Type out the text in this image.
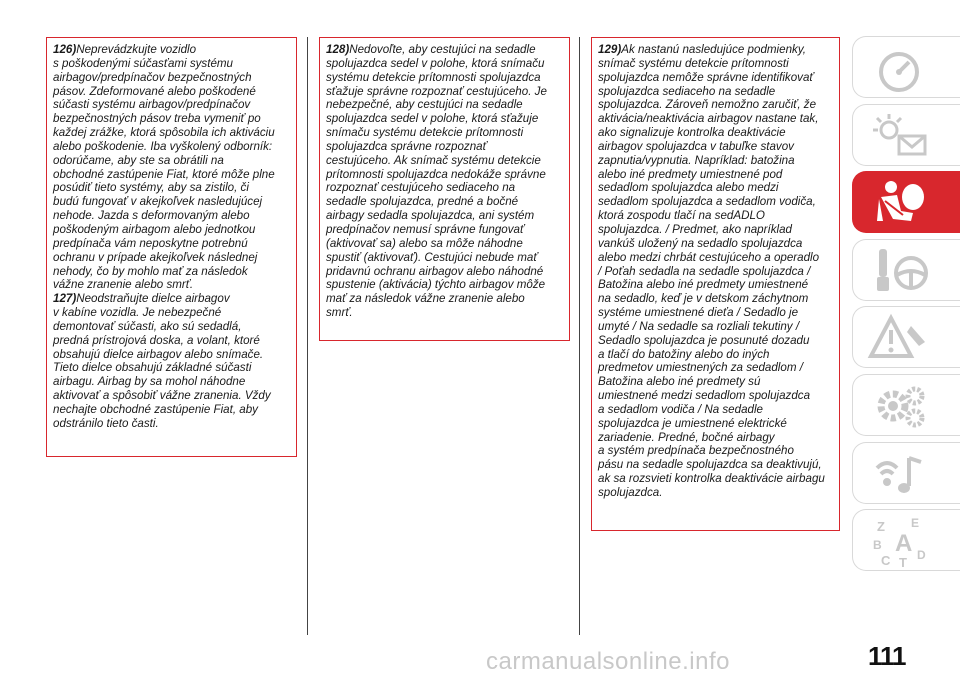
126)Neprevádzkujte vozidlo
s poškodenými súčasťami systému
airbagov/predpínačov bezpečnostných
pásov. Zdeformované alebo poškodené
súčasti systému airbagov/predpínačov
bezpečnostných pásov treba vymeniť po
každej zrážke, ktorá spôsobila ich aktiváciu
alebo poškodenie. Iba vyškolený odborník:
odorúčame, aby ste sa obrátili na
obchodné zastúpenie Fiat, ktoré môže plne
posúdiť tieto systémy, aby sa zistilo, či
budú fungovať v akejkoľvek nasledujúcej
nehode. Jazda s deformovaným alebo
poškodeným airbagom alebo jednotkou
predpínača vám neposkytne potrebnú
ochranu v prípade akejkoľvek následnej
nehody, čo by mohlo mať za následok
vážne zranenie alebo smrť.

127)Neodstraňujte dielce airbagov
v kabíne vozidla. Je nebezpečné
demontovať súčasti, ako sú sedadlá,
predná prístrojová doska, a volant, ktoré
obsahujú dielce airbagov alebo snímače.
Tieto dielce obsahujú základné súčasti
airbagu. Airbag by sa mohol náhodne
aktivovať a spôsobiť vážne zranenia. Vždy
nechajte obchodné zastúpenie Fiat, aby
odstránilo tieto časti.

128)Nedovoľte, aby cestujúci na sedadle
spolujazdca sedel v polohe, ktorá snímaču
systému detekcie prítomnosti spolujazdca
sťažuje správne rozpoznať cestujúceho. Je
nebezpečné, aby cestujúci na sedadle
spolujazdca sedel v polohe, ktorá sťažuje
snímaču systému detekcie prítomnosti
spolujazdca správne rozpoznať
cestujúceho. Ak snímač systému detekcie
prítomnosti spolujazdca nedokáže správne
rozpoznať cestujúceho sediaceho na
sedadle spolujazdca, predné a bočné
airbagy sedadla spolujazdca, ani systém
predpínačov nemusí správne fungovať
(aktivovať sa) alebo sa môže náhodne
spustiť (aktivovať). Cestujúci nebude mať
pridavnú ochranu airbagov alebo náhodné
spustenie (aktivácia) týchto airbagov môže
mať za následok vážne zranenie alebo
smrť.

129)Ak nastanú nasledujúce podmienky,
snímač systému detekcie prítomnosti
spolujazdca nemôže správne identifikovať
spolujazdca sediaceho na sedadle
spolujazdca. Zároveň nemožno zaručiť, že
aktivácia/neaktivácia airbagov nastane tak,
ako signalizuje kontrolka deaktivácie
airbagov spolujazdca v tabuľke stavov
zapnutia/vypnutia. Napríklad: batožina
alebo iné predmety umiestnené pod
sedadlom spolujazdca alebo medzi
sedadlom spolujazdca a sedadlom vodiča,
ktorá zospodu tlačí na sedADLO
spolujazdca. / Predmet, ako napríklad
vankúš uložený na sedadlo spolujazdca
alebo medzi chrbát cestujúceho a operadlo
/ Poťah sedadla na sedadle spolujazdca /
Batožina alebo iné predmety umiestnené
na sedadlo, keď je v detskom záchytnom
systéme umiestnené dieťa / Sedadlo je
umyté / Na sedadle sa rozliali tekutiny /
Sedadlo spolujazdca je posunuté dozadu
a tlačí do batožiny alebo do iných
predmetov umiestnených za sedadlom /
Batožina alebo iné predmety sú
umiestnené medzi sedadlom spolujazdca
a sedadlom vodiča / Na sedadle
spolujazdca je umiestnené elektrické
zariadenie. Predné, bočné airbagy
a systém predpínača bezpečnostného
pásu na sedadle spolujazdca sa deaktivujú,
ak sa rozsvieti kontrolka deaktivácie airbagu
spolujazdca.

Z E
B A
C T D
carmanualsonline.info	111
